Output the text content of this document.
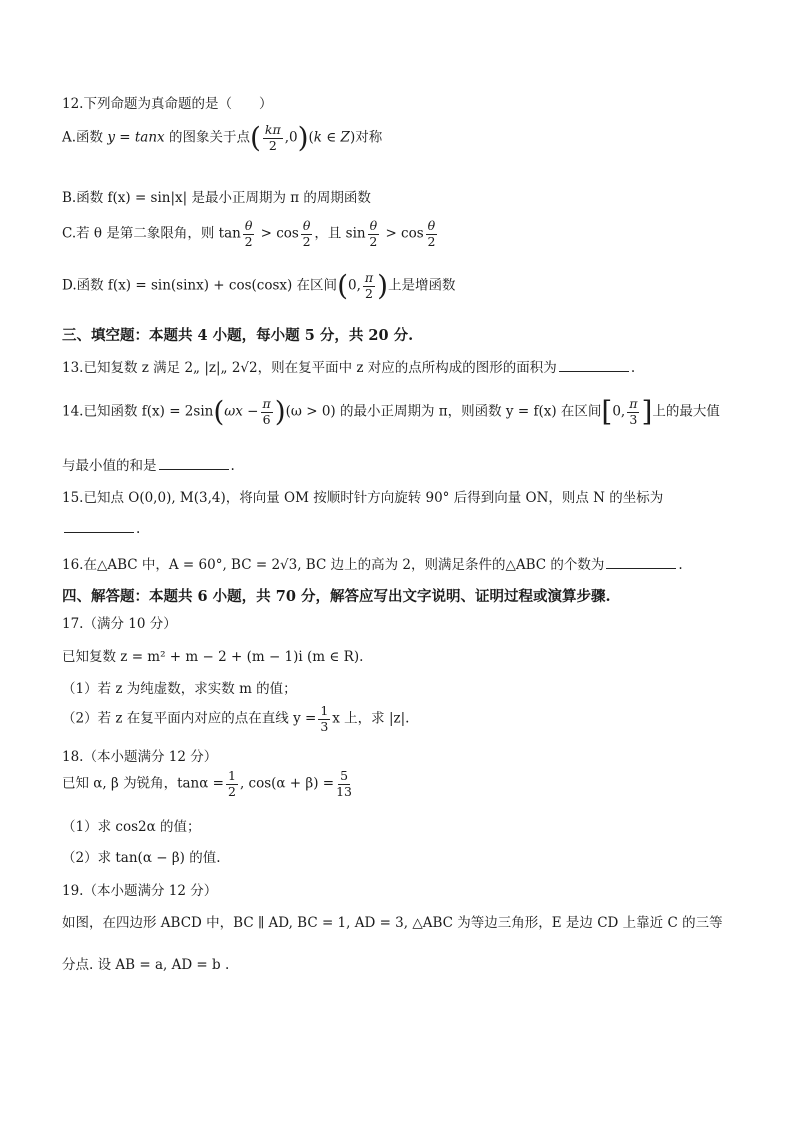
12.下列命题为真命题的是（　　）
A.函数 y = tanx 的图象关于点( $\frac{k\pi}{2} ,0)(k$ ∈ Z)对称
B.函数 f(x) = sin|x| 是最小正周期为 π 的周期函数
C.若 θ 是第二象限角，则 $\tan \frac{\theta}{2} > \cos \frac{\theta}{2}$ ，且 $\sin \frac{\theta}{2} > \cos \frac{\theta}{2}$
D.函数 f(x) = sin(sinx) + cos(cosx) 在区间(0, $\frac{\pi}{2}$ )上是增函数
三、填空题：本题共 4 小题，每小题 5 分，共 20 分.
13.已知复数 z 满足 2„ |z|„ 2√2，则在复平面中 z 对应的点所构成的图形的面积为	.
14.已知函数 $f(x) = 2\sin(\omega x - \frac{\pi}{6} )(\omega > 0)$ 的最小正周期为 π，则函数 y = f(x) 在区间[0, $\frac{\pi}{3}$ ]上的最大值
与最小值的和是	.
15.已知点 O(0,0), M(3,4)，将向量 OM 按顺时针方向旋转 90° 后得到向量 ON，则点 N 的坐标为
.
16.在△ABC 中，A = 60°, BC = 2√3, BC 边上的高为 2，则满足条件的△ABC 的个数为	.
四、解答题：本题共 6 小题，共 70 分，解答应写出文字说明、证明过程或演算步骤.
17.（满分 10 分）
已知复数 z = m² + m − 2 + (m − 1)i (m ∈ R).
（1）若 z 为纯虚数，求实数 m 的值；
（2）若 z 在复平面内对应的点在直线 $y = \frac{1}{3}$ x 上，求 |z|.
18.（本小题满分 12 分）
已知 α, β 为锐角，$\tan\alpha = \frac{1}{2}$ , $\cos(\alpha + \beta) = \frac{5}{13}$
（1）求 cos2α 的值；
（2）求 tan(α − β) 的值.
19.（本小题满分 12 分）
如图，在四边形 ABCD 中，BC ∥ AD, BC = 1, AD = 3, △ABC 为等边三角形，E 是边 CD 上靠近 C 的三等
分点. 设 AB = a, AD = b .
